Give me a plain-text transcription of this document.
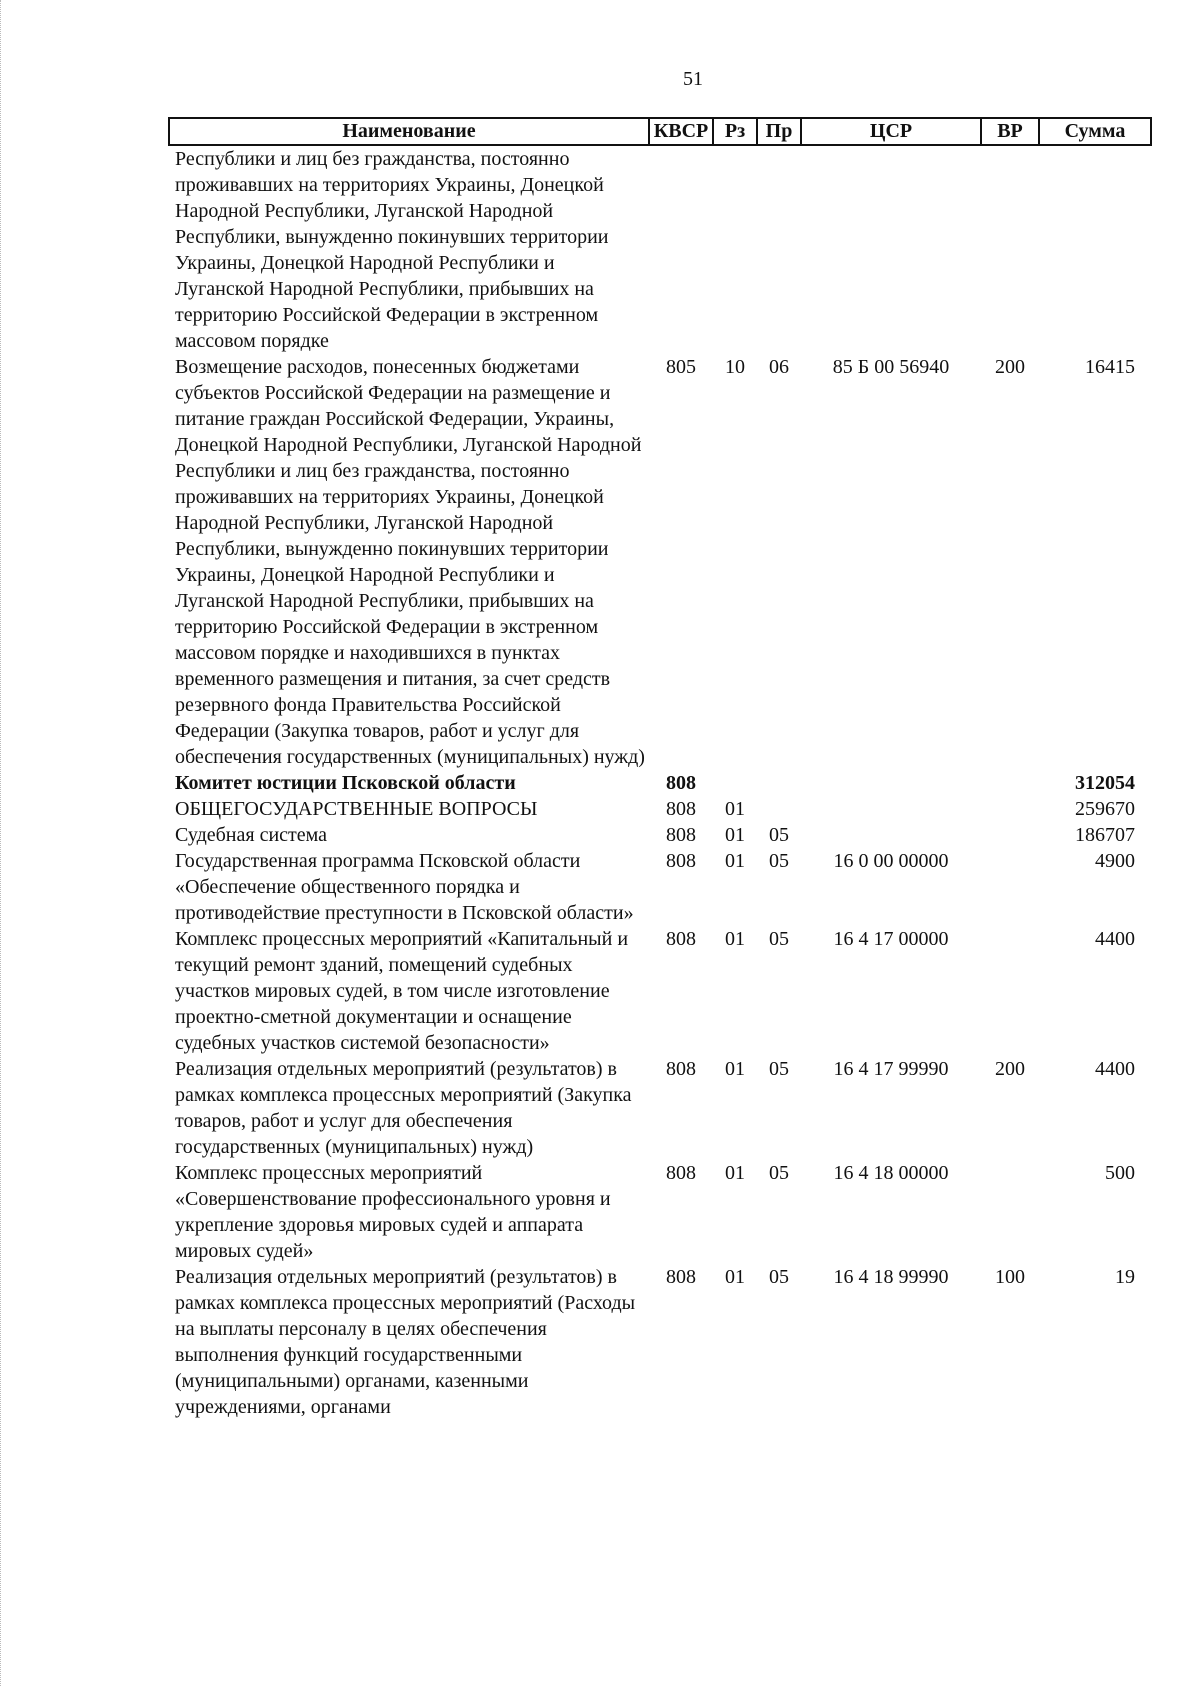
51
Наименование	КВСР	Рз	Пр	ЦСР	ВР	Сумма
Республики и лиц без гражданства, постоянно проживавших на территориях Украины, Донецкой Народной Республики, Луганской Народной Республики, вынужденно покинувших территории Украины, Донецкой Народной Республики и Луганской Народной Республики, прибывших на территорию Российской Федерации в экстренном массовом порядке						
Возмещение расходов, понесенных бюджетами субъектов Российской Федерации на размещение и питание граждан Российской Федерации, Украины, Донецкой Народной Республики, Луганской Народной Республики и лиц без гражданства, постоянно проживавших на территориях Украины, Донецкой Народной Республики, Луганской Народной Республики, вынужденно покинувших территории Украины, Донецкой Народной Республики и Луганской Народной Республики, прибывших на территорию Российской Федерации в экстренном массовом порядке и находившихся в пунктах временного размещения и питания, за счет средств резервного фонда Правительства Российской Федерации (Закупка товаров, работ и услуг для обеспечения государственных (муниципальных) нужд)	805	10	06	85 Б 00 56940	200	16415
Комитет юстиции Псковской области	808					312054
ОБЩЕГОСУДАРСТВЕННЫЕ ВОПРОСЫ	808	01				259670
Судебная система	808	01	05			186707
Государственная программа Псковской области «Обеспечение общественного порядка и противодействие преступности в Псковской области»	808	01	05	16 0 00 00000		4900
Комплекс процессных мероприятий «Капитальный и текущий ремонт зданий, помещений судебных участков мировых судей, в том числе изготовление проектно-сметной документации и оснащение судебных участков системой безопасности»	808	01	05	16 4 17 00000		4400
Реализация отдельных мероприятий (результатов) в рамках комплекса процессных мероприятий (Закупка товаров, работ и услуг для обеспечения государственных (муниципальных) нужд)	808	01	05	16 4 17 99990	200	4400
Комплекс процессных мероприятий «Совершенствование профессионального уровня и укрепление здоровья мировых судей и аппарата мировых судей»	808	01	05	16 4 18 00000		500
Реализация отдельных мероприятий (результатов) в рамках комплекса процессных мероприятий (Расходы на выплаты персоналу в целях обеспечения выполнения функций государственными (муниципальными) органами, казенными учреждениями, органами	808	01	05	16 4 18 99990	100	19
